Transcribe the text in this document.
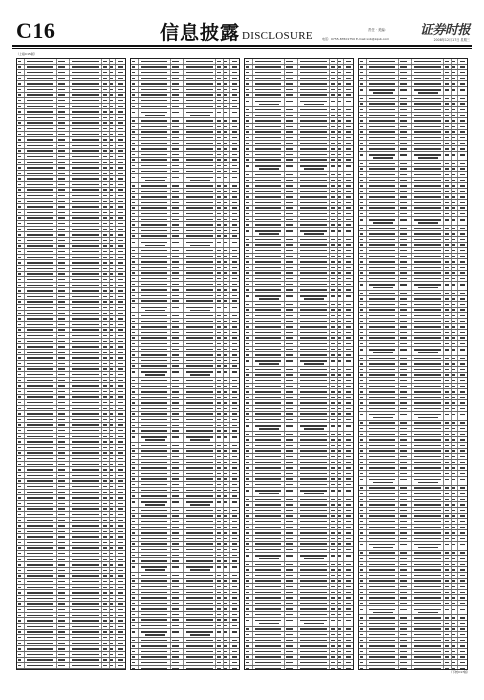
C16	信息披露 DISCLOSURE	责任 · 美编：
电话：0755-83501750 E-mail:xxb@zqsb.com
证券时报
2008年12月17日 星期三
（上接C15版）
（下转C17版）
